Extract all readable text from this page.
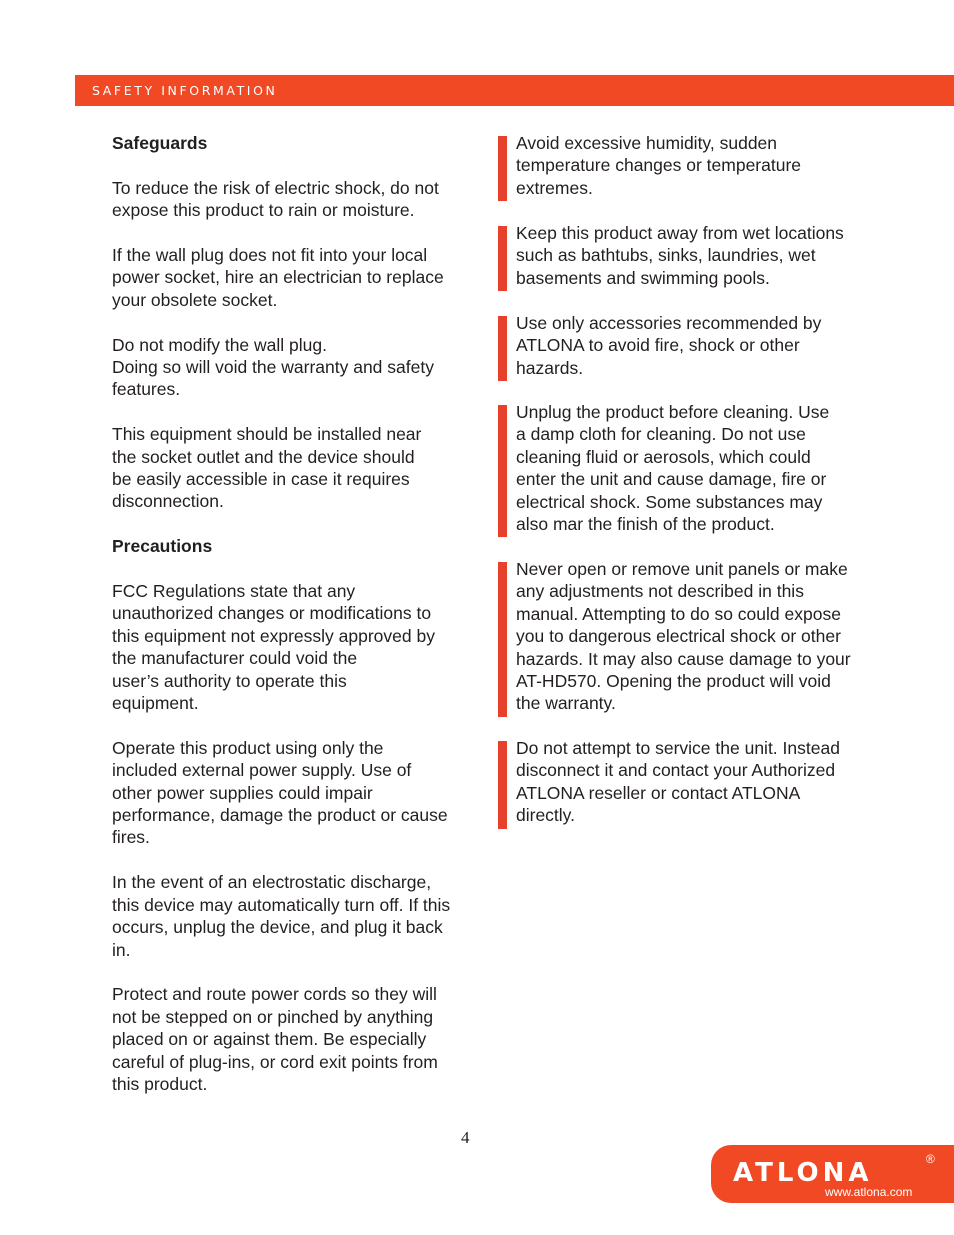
SAFETY INFORMATION

Safeguards

To reduce the risk of electric shock, do not
expose this product to rain or moisture.

If the wall plug does not fit into your local
power socket, hire an electrician to replace
your obsolete socket.

Do not modify the wall plug.
Doing so will void the warranty and safety
features.

This equipment should be installed near
the socket outlet and the device should
be easily accessible in case it requires
disconnection.

Precautions

FCC Regulations state that any
unauthorized changes or modifications to
this equipment not expressly approved by
the manufacturer could void the
user’s authority to operate this
equipment.

Operate this product using only the
included external power supply. Use of
other power supplies could impair
performance, damage the product or cause
fires.

In the event of an electrostatic discharge,
this device may automatically turn off. If this
occurs, unplug the device, and plug it back
in.

Protect and route power cords so they will
not be stepped on or pinched by anything
placed on or against them. Be especially
careful of plug-ins, or cord exit points from
this product.

Avoid excessive humidity, sudden
temperature changes or temperature
extremes.
Keep this product away from wet locations
such as bathtubs, sinks, laundries, wet
basements and swimming pools.
Use only accessories recommended by
ATLONA to avoid fire, shock or other
hazards.
Unplug the product before cleaning. Use
a damp cloth for cleaning. Do not use
cleaning fluid or aerosols, which could
enter the unit and cause damage, fire or
electrical shock. Some substances may
also mar the finish of the product.
Never open or remove unit panels or make
any adjustments not described in this
manual. Attempting to do so could expose
you to dangerous electrical shock or other
hazards. It may also cause damage to your
AT-HD570. Opening the product will void
the warranty.
Do not attempt to service the unit. Instead
disconnect it and contact your Authorized
ATLONA reseller or contact ATLONA
directly.
4
ATLONA	®
www.atlona.com
